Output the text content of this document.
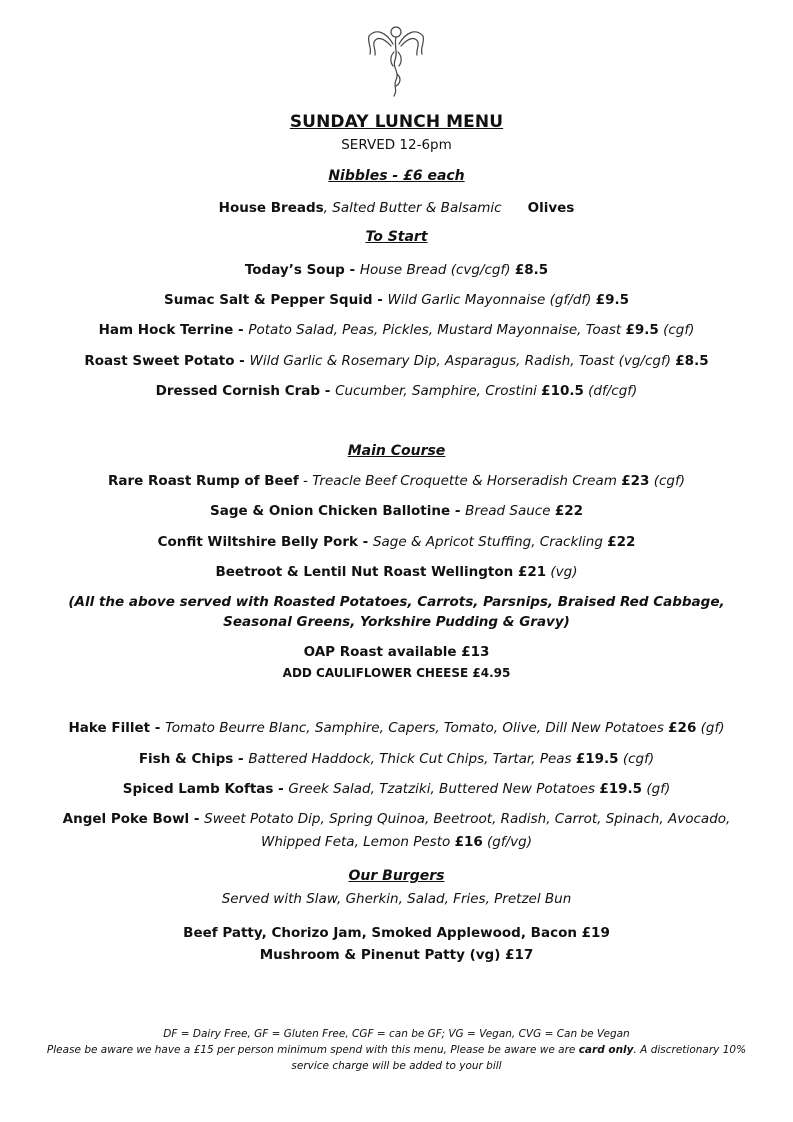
SUNDAY LUNCH MENU
SERVED 12-6pm
Nibbles - £6 each
House Breads, Salted Butter & Balsamic Olives
To Start
Today’s Soup - House Bread (cvg/cgf) £8.5
Sumac Salt & Pepper Squid - Wild Garlic Mayonnaise (gf/df) £9.5
Ham Hock Terrine - Potato Salad, Peas, Pickles, Mustard Mayonnaise, Toast £9.5 (cgf)
Roast Sweet Potato - Wild Garlic & Rosemary Dip, Asparagus, Radish, Toast (vg/cgf) £8.5
Dressed Cornish Crab - Cucumber, Samphire, Crostini £10.5 (df/cgf)
Main Course
Rare Roast Rump of Beef - Treacle Beef Croquette & Horseradish Cream £23 (cgf)
Sage & Onion Chicken Ballotine - Bread Sauce £22
Confit Wiltshire Belly Pork - Sage & Apricot Stuffing, Crackling £22
Beetroot & Lentil Nut Roast Wellington £21 (vg)
(All the above served with Roasted Potatoes, Carrots, Parsnips, Braised Red Cabbage,
Seasonal Greens, Yorkshire Pudding & Gravy)
OAP Roast available £13
ADD CAULIFLOWER CHEESE £4.95
Hake Fillet - Tomato Beurre Blanc, Samphire, Capers, Tomato, Olive, Dill New Potatoes £26 (gf)
Fish & Chips - Battered Haddock, Thick Cut Chips, Tartar, Peas £19.5 (cgf)
Spiced Lamb Koftas - Greek Salad, Tzatziki, Buttered New Potatoes £19.5 (gf)
Angel Poke Bowl - Sweet Potato Dip, Spring Quinoa, Beetroot, Radish, Carrot, Spinach, Avocado,
Whipped Feta, Lemon Pesto £16 (gf/vg)
Our Burgers
Served with Slaw, Gherkin, Salad, Fries, Pretzel Bun
Beef Patty, Chorizo Jam, Smoked Applewood, Bacon £19
Mushroom & Pinenut Patty (vg) £17
DF = Dairy Free, GF = Gluten Free, CGF = can be GF; VG = Vegan, CVG = Can be Vegan
Please be aware we have a £15 per person minimum spend with this menu, Please be aware we are card only. A discretionary 10%
service charge will be added to your bill
